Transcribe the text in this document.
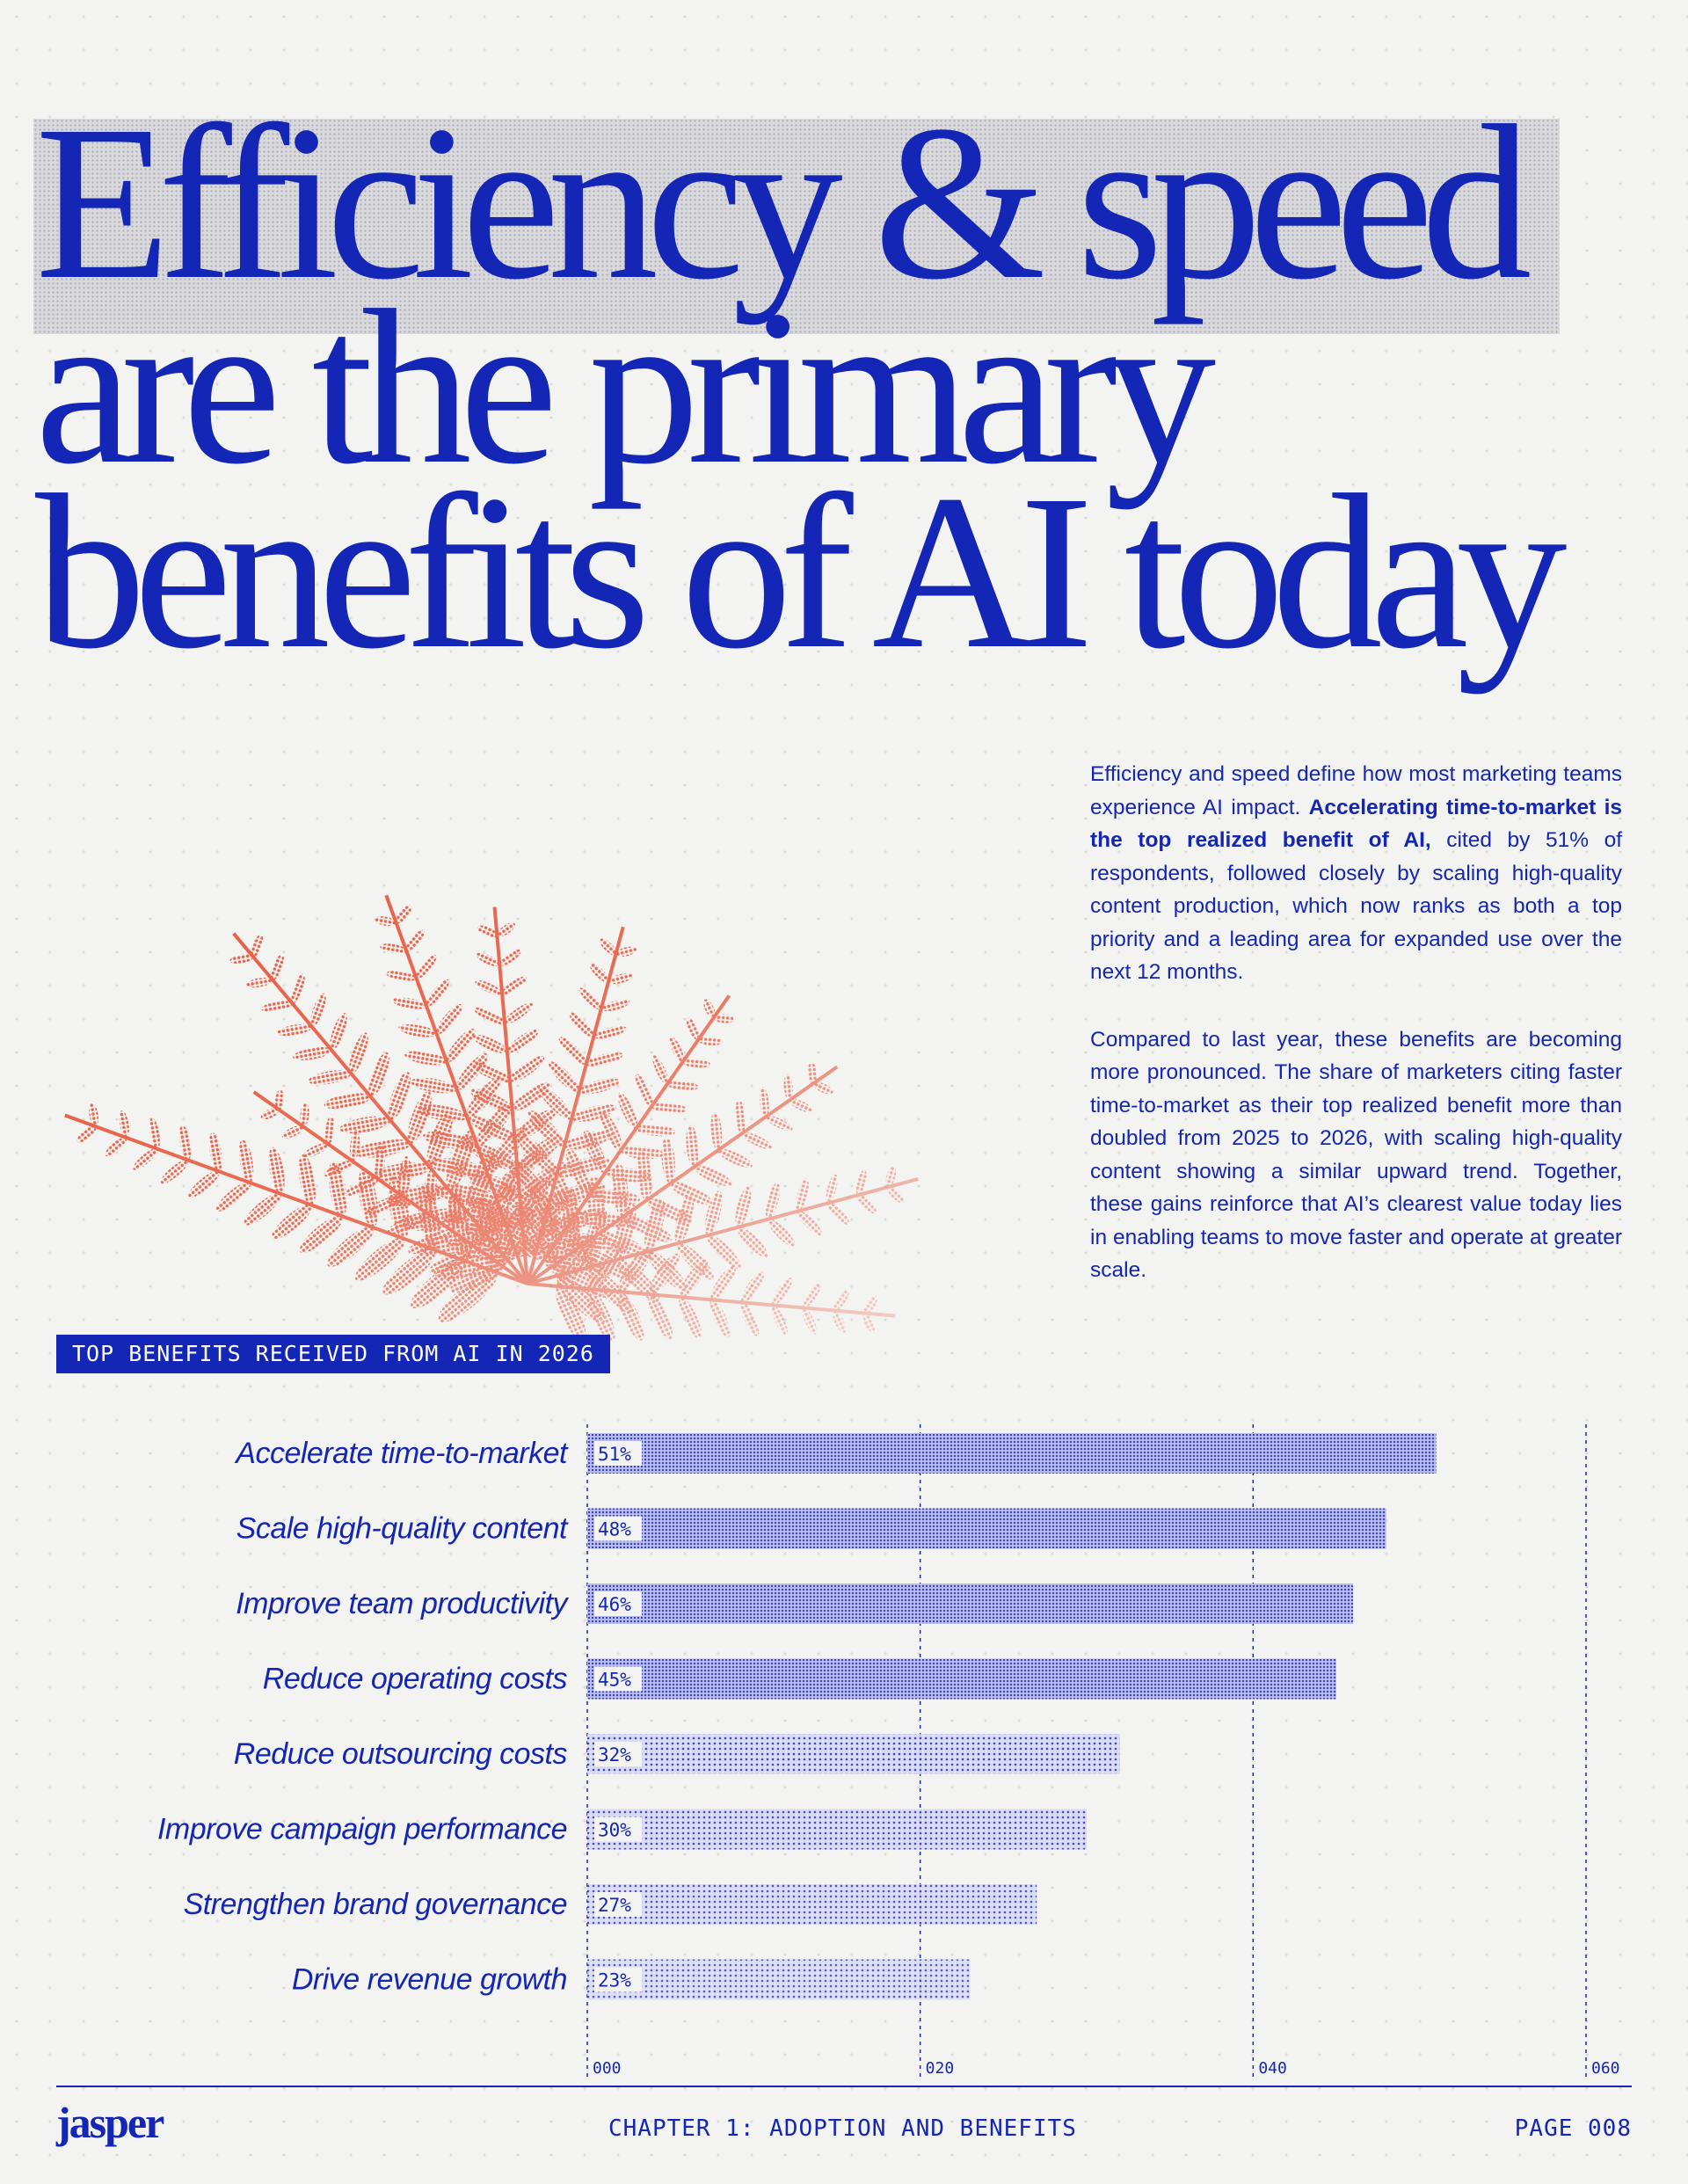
Efficiency & speed
are the primary
benefits of AI today

Efficiency and speed define how most marketing teams experience AI impact. Accelerating time-to-market is the top realized benefit of AI, cited by 51% of respondents, followed closely by scaling high-quality content production, which now ranks as both a top priority and a leading area for expanded use over the next 12 months.

Compared to last year, these benefits are becoming more pronounced. The share of marketers citing faster time-to-market as their top realized benefit more than doubled from 2025 to 2026, with scaling high-quality content showing a similar upward trend. Together, these gains reinforce that AI’s clearest value today lies in enabling teams to move faster and operate at greater scale.

TOP BENEFITS RECEIVED FROM AI IN 2026
000	020	040	060
Accelerate time-to-market 51%
Scale high-quality content 48%
Improve team productivity 46%
Reduce operating costs 45%
Reduce outsourcing costs 32%
Improve campaign performance 30%
Strengthen brand governance 27%
Drive revenue growth 23%
jasper	CHAPTER 1: ADOPTION AND BENEFITS	PAGE 008
